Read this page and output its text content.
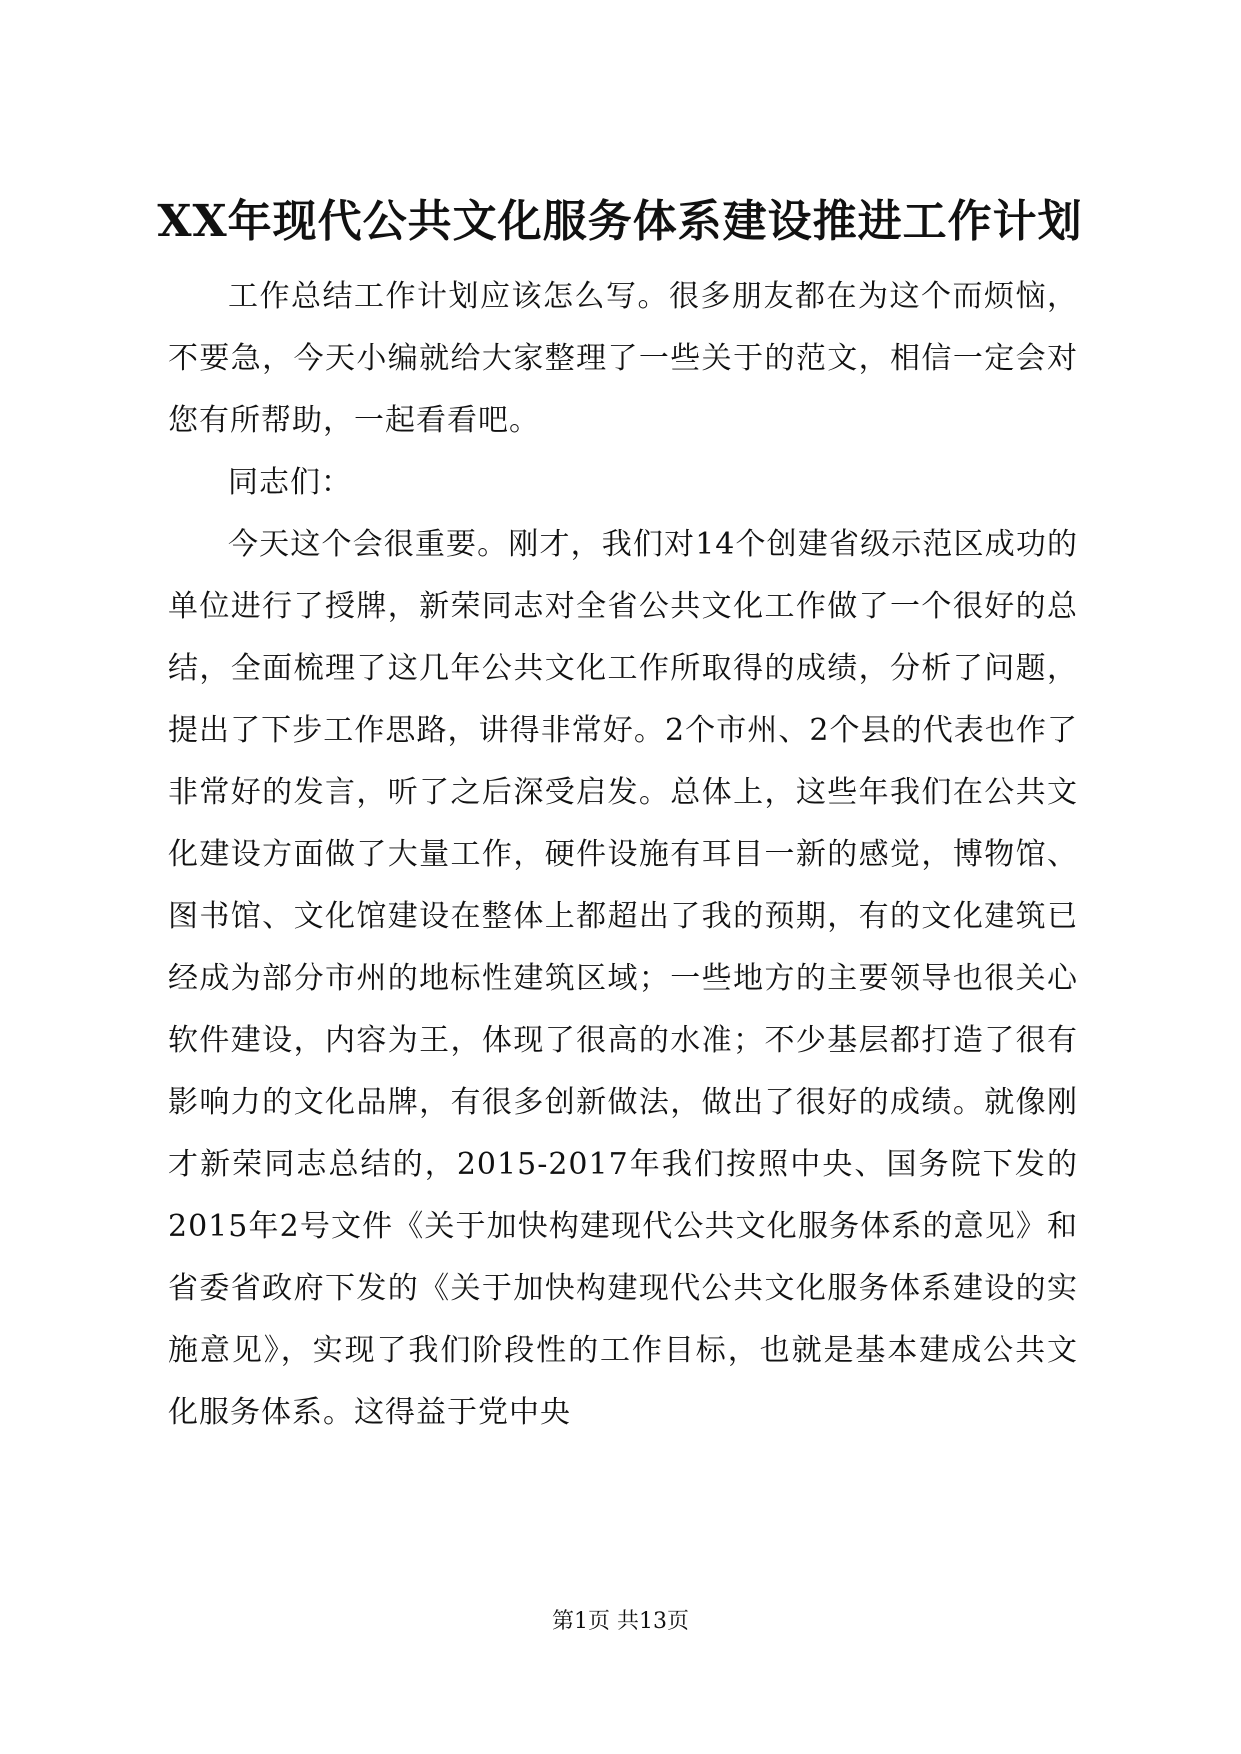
XX年现代公共文化服务体系建设推进工作计划

工作总结工作计划应该怎么写。很多朋友都在为这个而烦恼，不要急，今天小编就给大家整理了一些关于的范文，相信一定会对您有所帮助，一起看看吧。

同志们：

今天这个会很重要。刚才，我们对14个创建省级示范区成功的单位进行了授牌，新荣同志对全省公共文化工作做了一个很好的总结，全面梳理了这几年公共文化工作所取得的成绩，分析了问题，提出了下步工作思路，讲得非常好。2个市州、2个县的代表也作了非常好的发言，听了之后深受启发。总体上，这些年我们在公共文化建设方面做了大量工作，硬件设施有耳目一新的感觉，博物馆、图书馆、文化馆建设在整体上都超出了我的预期，有的文化建筑已经成为部分市州的地标性建筑区域；一些地方的主要领导也很关心软件建设，内容为王，体现了很高的水准；不少基层都打造了很有影响力的文化品牌，有很多创新做法，做出了很好的成绩。就像刚才新荣同志总结的，2015-2017年我们按照中央、国务院下发的2015年2号文件《关于加快构建现代公共文化服务体系的意见》和省委省政府下发的《关于加快构建现代公共文化服务体系建设的实施意见》，实现了我们阶段性的工作目标，也就是基本建成公共文化服务体系。这得益于党中央

第1页 共13页
